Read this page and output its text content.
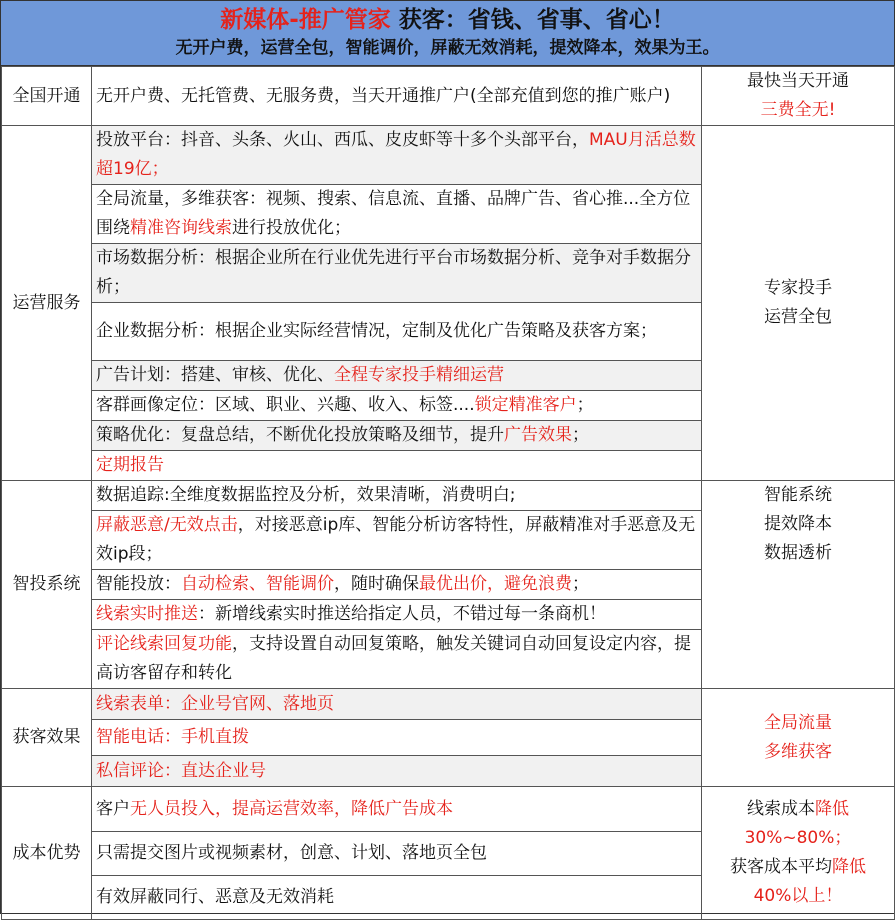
新媒体-推广管家 获客：省钱、省事、省心！
无开户费，运营全包，智能调价，屏蔽无效消耗，提效降本，效果为王。
全国开通	无开户费、无托管费、无服务费，当天开通推广户(全部充值到您的推广账户)	最快当天开通
三费全无!

运营服务	投放平台：抖音、头条、火山、西瓜、皮皮虾等十多个头部平台，MAU月活总数超19亿；	专家投手
运营全包

	全局流量，多维获客：视频、搜索、信息流、直播、品牌广告、省心推...全方位围绕精准咨询线索进行投放优化；	
	市场数据分析：根据企业所在行业优先进行平台市场数据分析、竞争对手数据分析；	
	企业数据分析：根据企业实际经营情况，定制及优化广告策略及获客方案；	
	广告计划：搭建、审核、优化、全程专家投手精细运营	
	客群画像定位：区域、职业、兴趣、收入、标签....锁定精准客户；	
	策略优化：复盘总结，不断优化投放策略及细节，提升广告效果；	
	定期报告	
智投系统	数据追踪:全维度数据监控及分析，效果清晰，消费明白;	智能系统
提效降本
数据透析

	屏蔽恶意/无效点击，对接恶意ip库、智能分析访客特性，屏蔽精准对手恶意及无效ip段；	
	智能投放：自动检索、智能调价，随时确保最优出价，避免浪费；	
	线索实时推送：新增线索实时推送给指定人员，不错过每一条商机！	
	评论线索回复功能，支持设置自动回复策略，触发关键词自动回复设定内容，提高访客留存和转化	
获客效果	线索表单：企业号官网、落地页	全局流量
多维获客

	智能电话：手机直拨	
	私信评论：直达企业号	
成本优势	客户无人员投入，提高运营效率，降低广告成本	线索成本降低
30%~80%；
获客成本平均降低
40%以上！

	只需提交图片或视频素材，创意、计划、落地页全包	
	有效屏蔽同行、恶意及无效消耗	
